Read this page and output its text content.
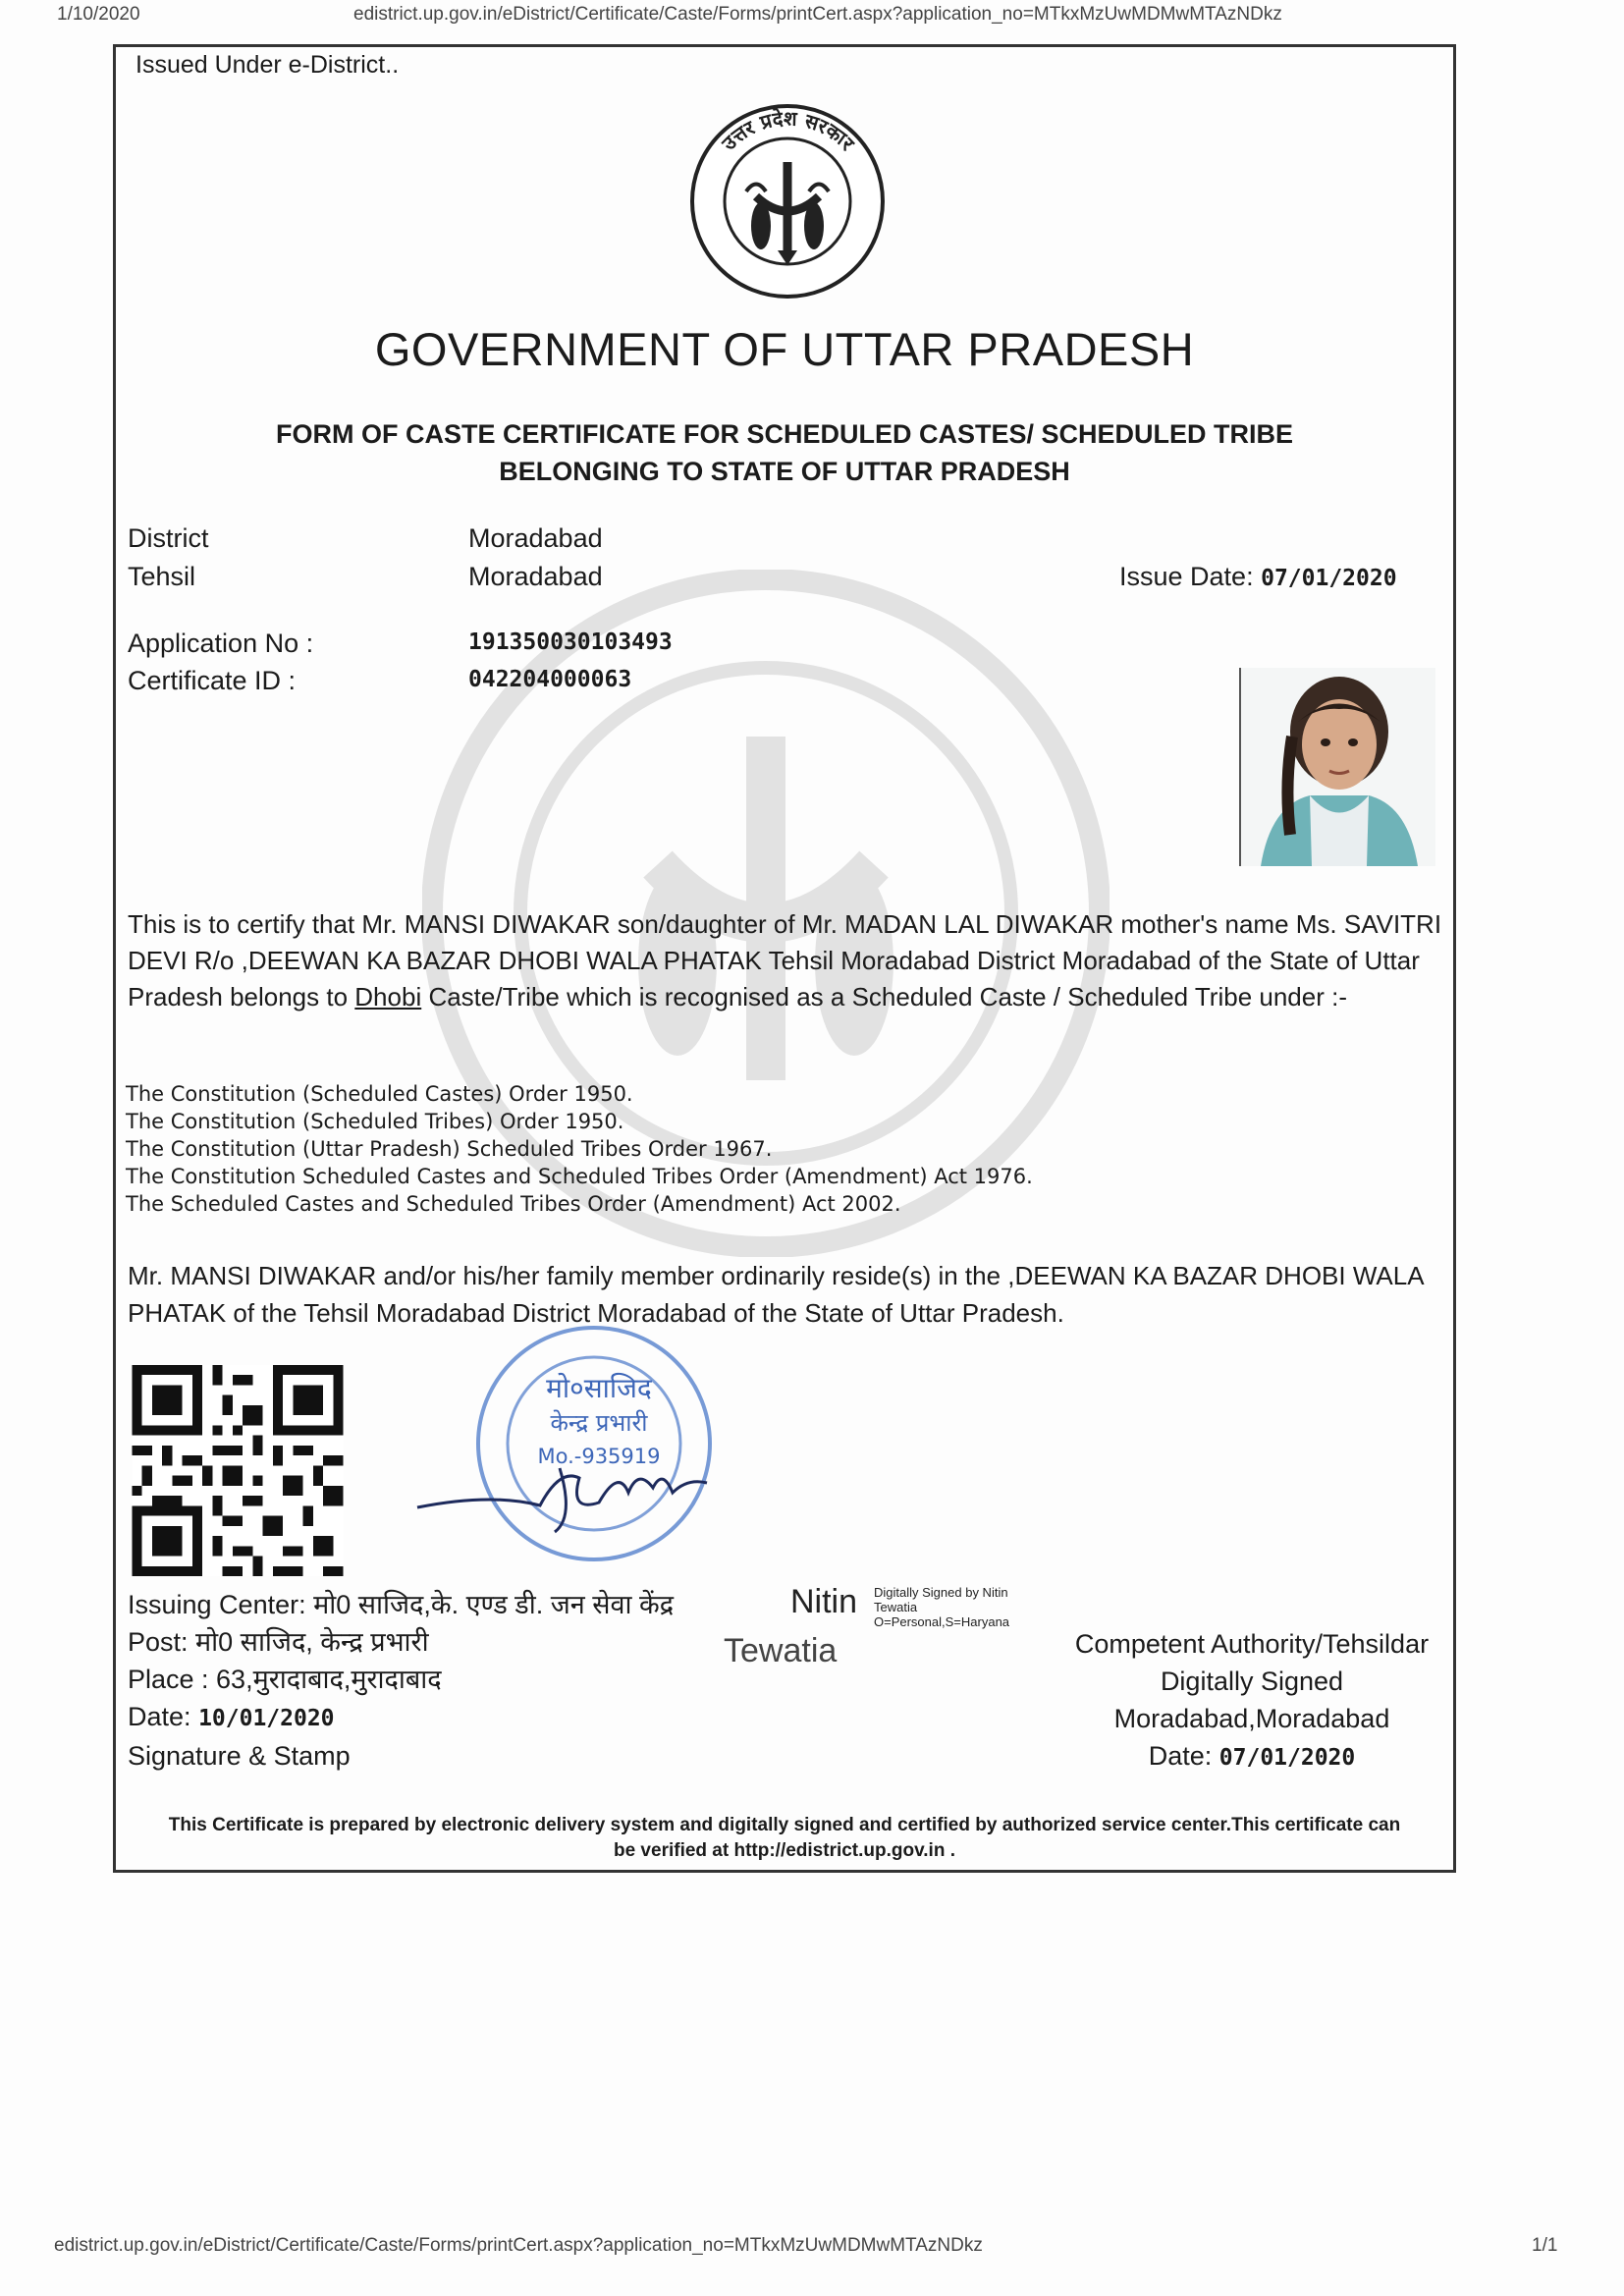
1/10/2020	edistrict.up.gov.in/eDistrict/Certificate/Caste/Forms/printCert.aspx?application_no=MTkxMzUwMDMwMTAzNDkz
Issued Under e-District..
उत्तर प्रदेश सरकार
GOVERNMENT OF UTTAR PRADESH
FORM OF CASTE CERTIFICATE FOR SCHEDULED CASTES/ SCHEDULED TRIBE
BELONGING TO STATE OF UTTAR PRADESH
District	Moradabad
Tehsil	Moradabad	Issue Date: 07/01/2020
Application No :	191350030103493
Certificate ID :	042204000063
This is to certify that Mr. MANSI DIWAKAR son/daughter of Mr. MADAN LAL DIWAKAR mother's name Ms. SAVITRI DEVI R/o ,DEEWAN KA BAZAR DHOBI WALA PHATAK Tehsil Moradabad District Moradabad of the State of Uttar Pradesh belongs to Dhobi Caste/Tribe which is recognised as a Scheduled Caste / Scheduled Tribe under :-
The Constitution (Scheduled Castes) Order 1950.
The Constitution (Scheduled Tribes) Order 1950.
The Constitution (Uttar Pradesh) Scheduled Tribes Order 1967.
The Constitution Scheduled Castes and Scheduled Tribes Order (Amendment) Act 1976.
The Scheduled Castes and Scheduled Tribes Order (Amendment) Act 2002.
Mr. MANSI DIWAKAR and/or his/her family member ordinarily reside(s) in the ,DEEWAN KA BAZAR DHOBI WALA PHATAK of the Tehsil Moradabad District Moradabad of the State of Uttar Pradesh.
मो०साजिद
केन्द्र प्रभारी
Mo.-935919
Issuing Center: मो0 साजिद,के. एण्ड डी. जन सेवा केंद्र
Post: मो0 साजिद, केन्द्र प्रभारी
Place : 63,मुरादाबाद,मुरादाबाद
Date: 10/01/2020
Signature & Stamp
Nitin
Tewatia
Digitally Signed by Nitin
Tewatia
O=Personal,S=Haryana
Competent Authority/Tehsildar
Digitally Signed
Moradabad,Moradabad
Date: 07/01/2020
This Certificate is prepared by electronic delivery system and digitally signed and certified by authorized service center.This certificate can
be verified at http://edistrict.up.gov.in .
edistrict.up.gov.in/eDistrict/Certificate/Caste/Forms/printCert.aspx?application_no=MTkxMzUwMDMwMTAzNDkz	1/1
